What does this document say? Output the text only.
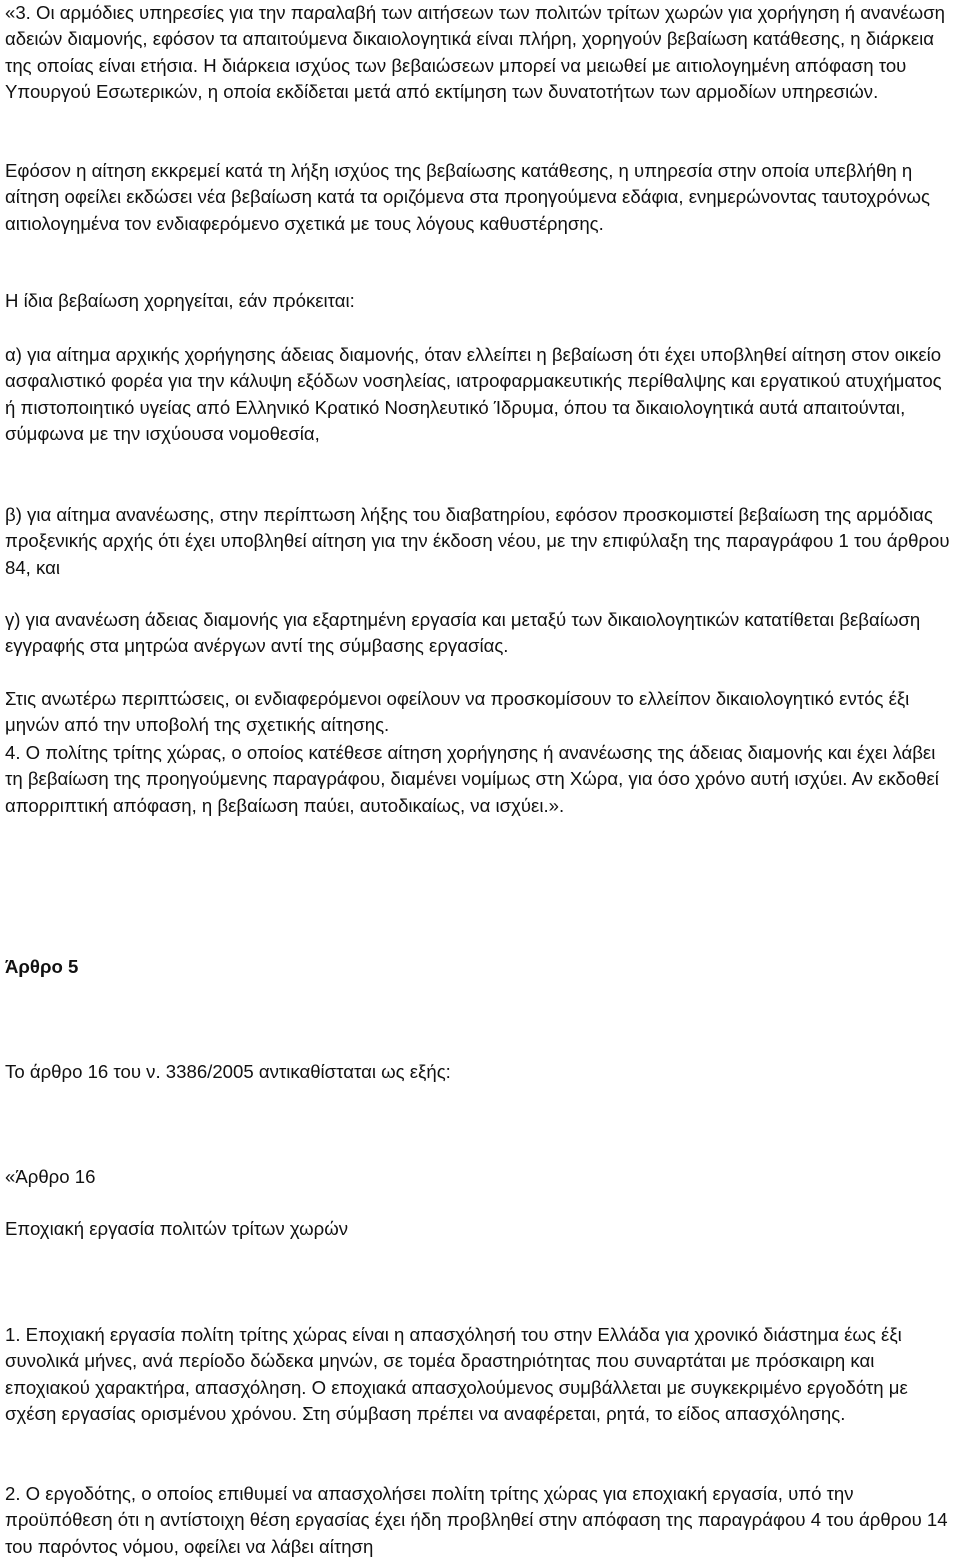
«3. Οι αρμόδιες υπηρεσίες για την παραλαβή των αιτήσεων των πολιτών τρίτων χωρών για χορήγηση ή ανανέωση αδειών διαμονής, εφόσον τα απαιτούμενα δικαιολογητικά είναι πλήρη, χορηγούν βεβαίωση κατάθεσης, η διάρκεια της οποίας είναι ετήσια. Η διάρκεια ισχύος των βεβαιώσεων μπορεί να μειωθεί με αιτιολογημένη απόφαση του Υπουργού Εσωτερικών, η οποία εκδίδεται μετά από εκτίμηση των δυνατοτήτων των αρμοδίων υπηρεσιών.

Εφόσον η αίτηση εκκρεμεί κατά τη λήξη ισχύος της βεβαίωσης κατάθεσης, η υπηρεσία στην οποία υπεβλήθη η αίτηση οφείλει εκδώσει νέα βεβαίωση κατά τα οριζόμενα στα προηγούμενα εδάφια, ενημερώνοντας ταυτοχρόνως αιτιολογημένα τον ενδιαφερόμενο σχετικά με τους λόγους καθυστέρησης.

Η ίδια βεβαίωση χορηγείται, εάν πρόκειται:

α) για αίτημα αρχικής χορήγησης άδειας διαμονής, όταν ελλείπει η βεβαίωση ότι έχει υποβληθεί αίτηση στον οικείο ασφαλιστικό φορέα για την κάλυψη εξόδων νοσηλείας, ιατροφαρμακευτικής περίθαλψης και εργατικού ατυχήματος ή πιστοποιητικό υγείας από Ελληνικό Κρατικό Νοσηλευτικό Ίδρυμα, όπου τα δικαιολογητικά αυτά απαιτούνται, σύμφωνα με την ισχύουσα νομοθεσία,

β) για αίτημα ανανέωσης, στην περίπτωση λήξης του διαβατηρίου, εφόσον προσκομιστεί βεβαίωση της αρμόδιας προξενικής αρχής ότι έχει υποβληθεί αίτηση για την έκδοση νέου, με την επιφύλαξη της παραγράφου 1 του άρθρου 84, και

γ) για ανανέωση άδειας διαμονής για εξαρτημένη εργασία και μεταξύ των δικαιολογητικών κατατίθεται βεβαίωση εγγραφής στα μητρώα ανέργων αντί της σύμβασης εργασίας.

Στις ανωτέρω περιπτώσεις, οι ενδιαφερόμενοι οφείλουν να προσκομίσουν το ελλείπον δικαιολογητικό εντός έξι μηνών από την υποβολή της σχετικής αίτησης.

4. Ο πολίτης τρίτης χώρας, ο οποίος κατέθεσε αίτηση χορήγησης ή ανανέωσης της άδειας διαμονής και έχει λάβει τη βεβαίωση της προηγούμενης παραγράφου, διαμένει νομίμως στη Χώρα, για όσο χρόνο αυτή ισχύει. Αν εκδοθεί απορριπτική απόφαση, η βεβαίωση παύει, αυτοδικαίως, να ισχύει.».

Άρθρο 5

Το άρθρο 16 του ν. 3386/2005 αντικαθίσταται ως εξής:

«Άρθρο 16

Εποχιακή εργασία πολιτών τρίτων χωρών

1. Εποχιακή εργασία πολίτη τρίτης χώρας είναι η απασχόλησή του στην Ελλάδα για χρονικό διάστημα έως έξι συνολικά μήνες, ανά περίοδο δώδεκα μηνών, σε τομέα δραστηριότητας που συναρτάται με πρόσκαιρη και εποχιακού χαρακτήρα, απασχόληση. Ο εποχιακά απασχολούμενος συμβάλλεται με συγκεκριμένο εργοδότη με σχέση εργασίας ορισμένου χρόνου. Στη σύμβαση πρέπει να αναφέρεται, ρητά, το είδος απασχόλησης.

2. Ο εργοδότης, ο οποίος επιθυμεί να απασχολήσει πολίτη τρίτης χώρας για εποχιακή εργασία, υπό την προϋπόθεση ότι η αντίστοιχη θέση εργασίας έχει ήδη προβληθεί στην απόφαση της παραγράφου 4 του άρθρου 14 του παρόντος νόμου, οφείλει να λάβει αίτηση
